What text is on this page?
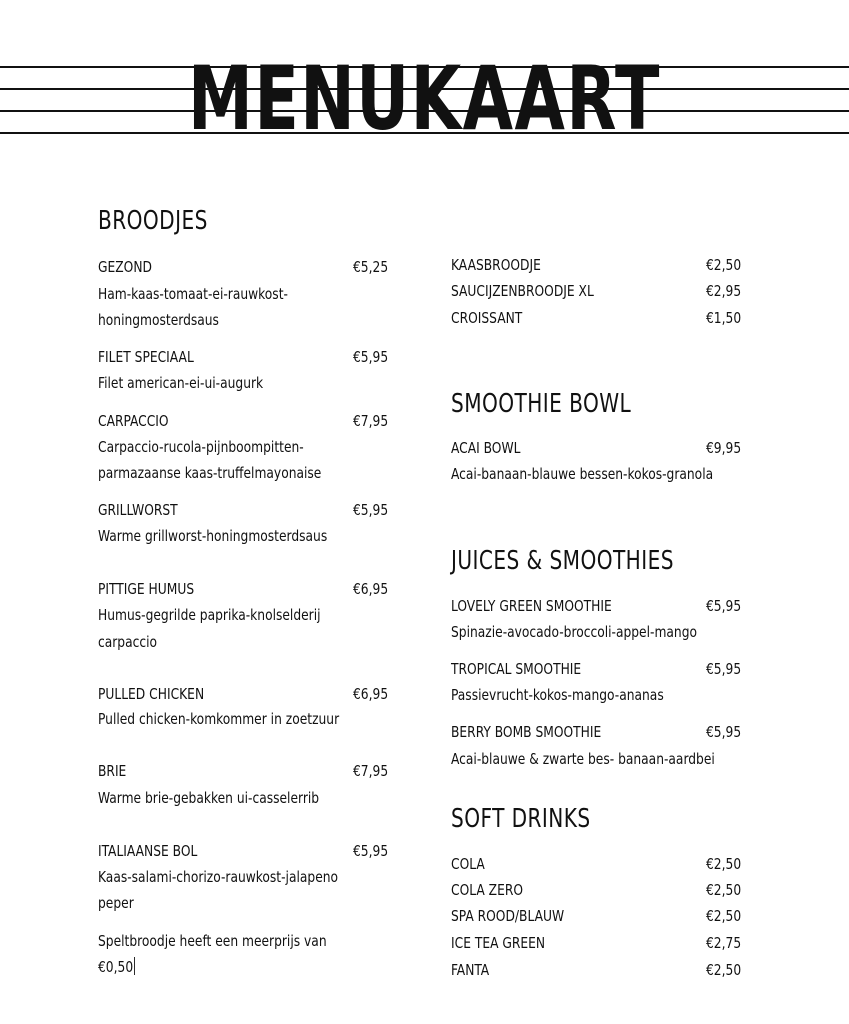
MENUKAART
BROODJES
GEZOND	€5,25
Ham-kaas-tomaat-ei-rauwkost-
honingmosterdsaus
FILET SPECIAAL	€5,95
Filet american-ei-ui-augurk
CARPACCIO	€7,95
Carpaccio-rucola-pijnboompitten-
parmazaanse kaas-truffelmayonaise
GRILLWORST	€5,95
Warme grillworst-honingmosterdsaus
PITTIGE HUMUS	€6,95
Humus-gegrilde paprika-knolselderij
carpaccio
PULLED CHICKEN	€6,95
Pulled chicken-komkommer in zoetzuur
BRIE	€7,95
Warme brie-gebakken ui-casselerrib
ITALIAANSE BOL	€5,95
Kaas-salami-chorizo-rauwkost-jalapeno
peper
Speltbroodje heeft een meerprijs van
€0,50
KAASBROODJE	€2,50
SAUCIJZENBROODJE XL	€2,95
CROISSANT	€1,50
SMOOTHIE BOWL
ACAI BOWL	€9,95
Acai-banaan-blauwe bessen-kokos-granola
JUICES & SMOOTHIES
LOVELY GREEN SMOOTHIE	€5,95
Spinazie-avocado-broccoli-appel-mango
TROPICAL SMOOTHIE	€5,95
Passievrucht-kokos-mango-ananas
BERRY BOMB SMOOTHIE	€5,95
Acai-blauwe & zwarte bes- banaan-aardbei
SOFT DRINKS
COLA	€2,50
COLA ZERO	€2,50
SPA ROOD/BLAUW	€2,50
ICE TEA GREEN	€2,75
FANTA	€2,50
